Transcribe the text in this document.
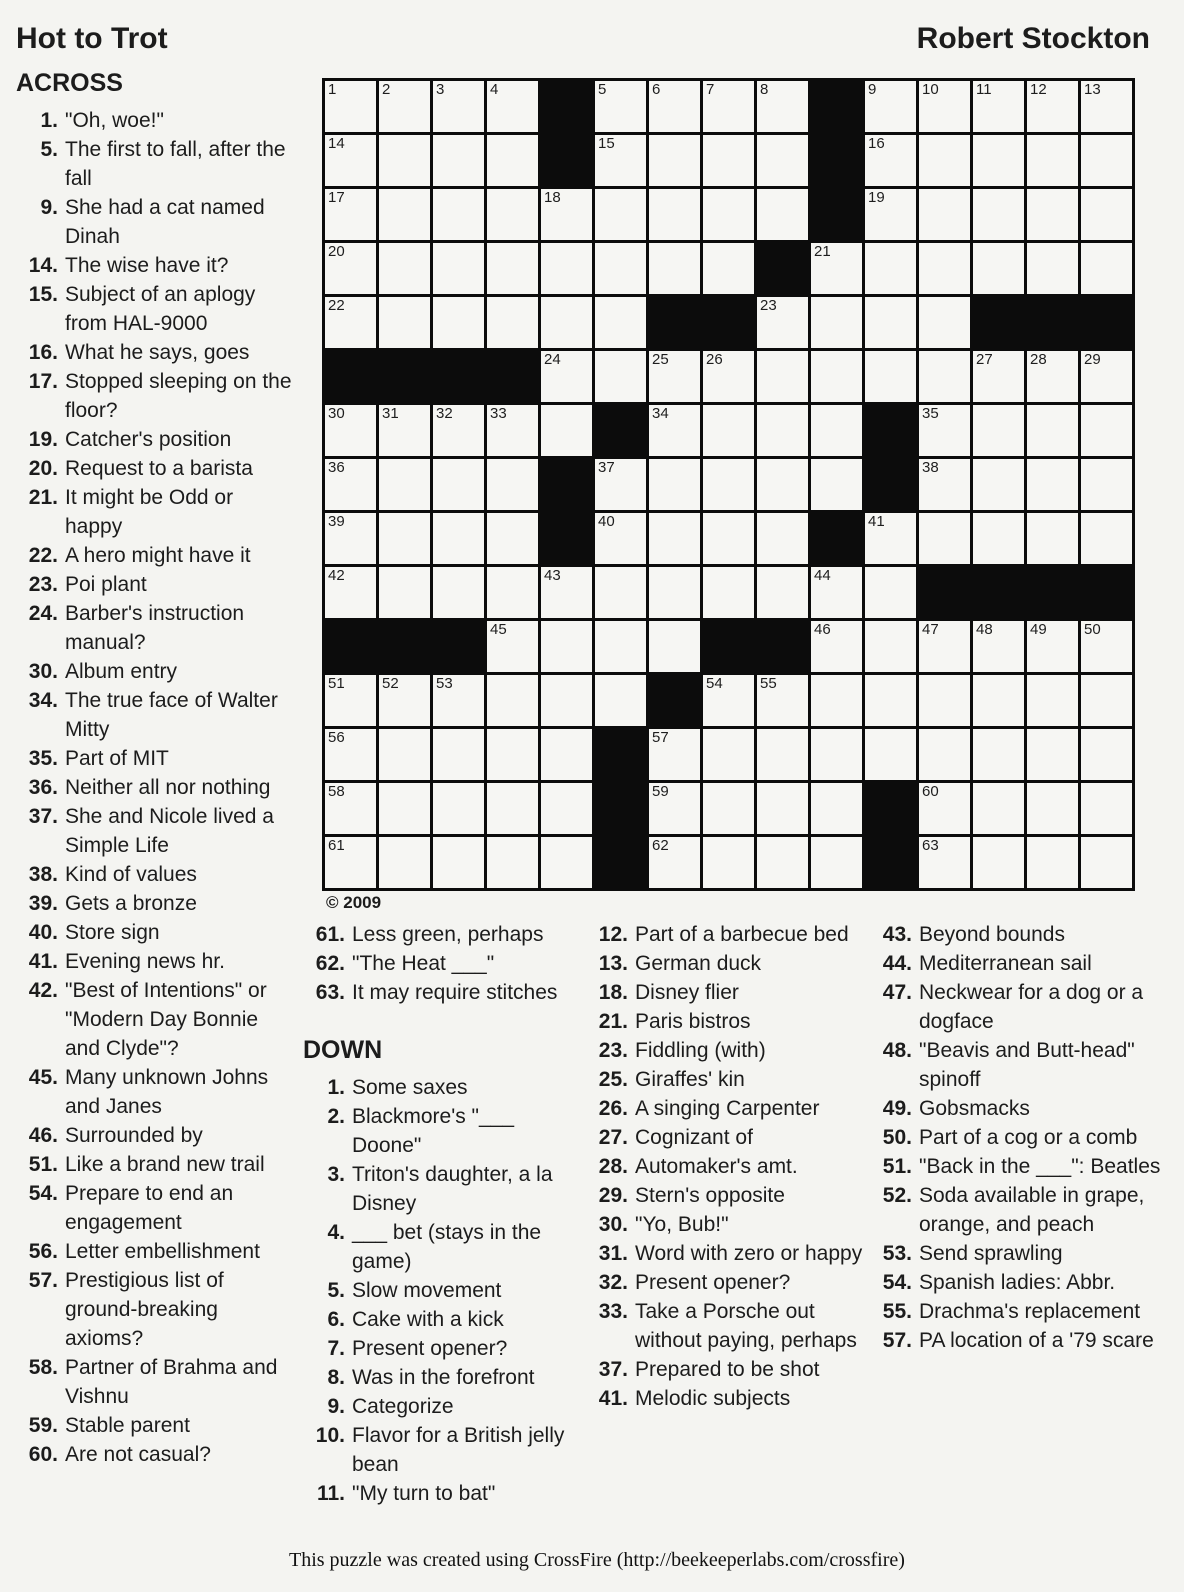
Hot to Trot	Robert Stockton
ACROSS
1. "Oh, woe!"
5. The first to fall, after the fall
9. She had a cat named Dinah
14. The wise have it?
15. Subject of an aplogy from HAL-9000
16. What he says, goes
17. Stopped sleeping on the floor?
19. Catcher's position
20. Request to a barista
21. It might be Odd or happy
22. A hero might have it
23. Poi plant
24. Barber's instruction manual?
30. Album entry
34. The true face of Walter Mitty
35. Part of MIT
36. Neither all nor nothing
37. She and Nicole lived a Simple Life
38. Kind of values
39. Gets a bronze
40. Store sign
41. Evening news hr.
42. "Best of Intentions" or "Modern Day Bonnie and Clyde"?
45. Many unknown Johns and Janes
46. Surrounded by
51. Like a brand new trail
54. Prepare to end an engagement
56. Letter embellishment
57. Prestigious list of ground-breaking axioms?
58. Partner of Brahma and Vishnu
59. Stable parent
60. Are not casual?
1	2	3	4	5	6	7	8	9	10 11	12 13
14	15	16
17	18	19
20	21
22	23
24	25 26	27 28 29
30 31 32 33	34	35
36	37	38
39	40	41
42	43	44
45	46	47 48 49 50
51 52 53	54 55
56	57
58	59	60
61	62	63
© 2009
61. Less green, perhaps
62. "The Heat ___"
63. It may require stitches
DOWN
1. Some saxes
2. Blackmore's "___ Doone"
3. Triton's daughter, a la Disney
4. ___ bet (stays in the game)
5. Slow movement
6. Cake with a kick
7. Present opener?
8. Was in the forefront
9. Categorize
10. Flavor for a British jelly bean
11. "My turn to bat"
12. Part of a barbecue bed
13. German duck
18. Disney flier
21. Paris bistros
23. Fiddling (with)
25. Giraffes' kin
26. A singing Carpenter
27. Cognizant of
28. Automaker's amt.
29. Stern's opposite
30. "Yo, Bub!"
31. Word with zero or happy
32. Present opener?
33. Take a Porsche out without paying, perhaps
37. Prepared to be shot
41. Melodic subjects
43. Beyond bounds
44. Mediterranean sail
47. Neckwear for a dog or a dogface
48. "Beavis and Butt-head" spinoff
49. Gobsmacks
50. Part of a cog or a comb
51. "Back in the ___": Beatles
52. Soda available in grape, orange, and peach
53. Send sprawling
54. Spanish ladies: Abbr.
55. Drachma's replacement
57. PA location of a '79 scare
This puzzle was created using CrossFire (http://beekeeperlabs.com/crossfire)
